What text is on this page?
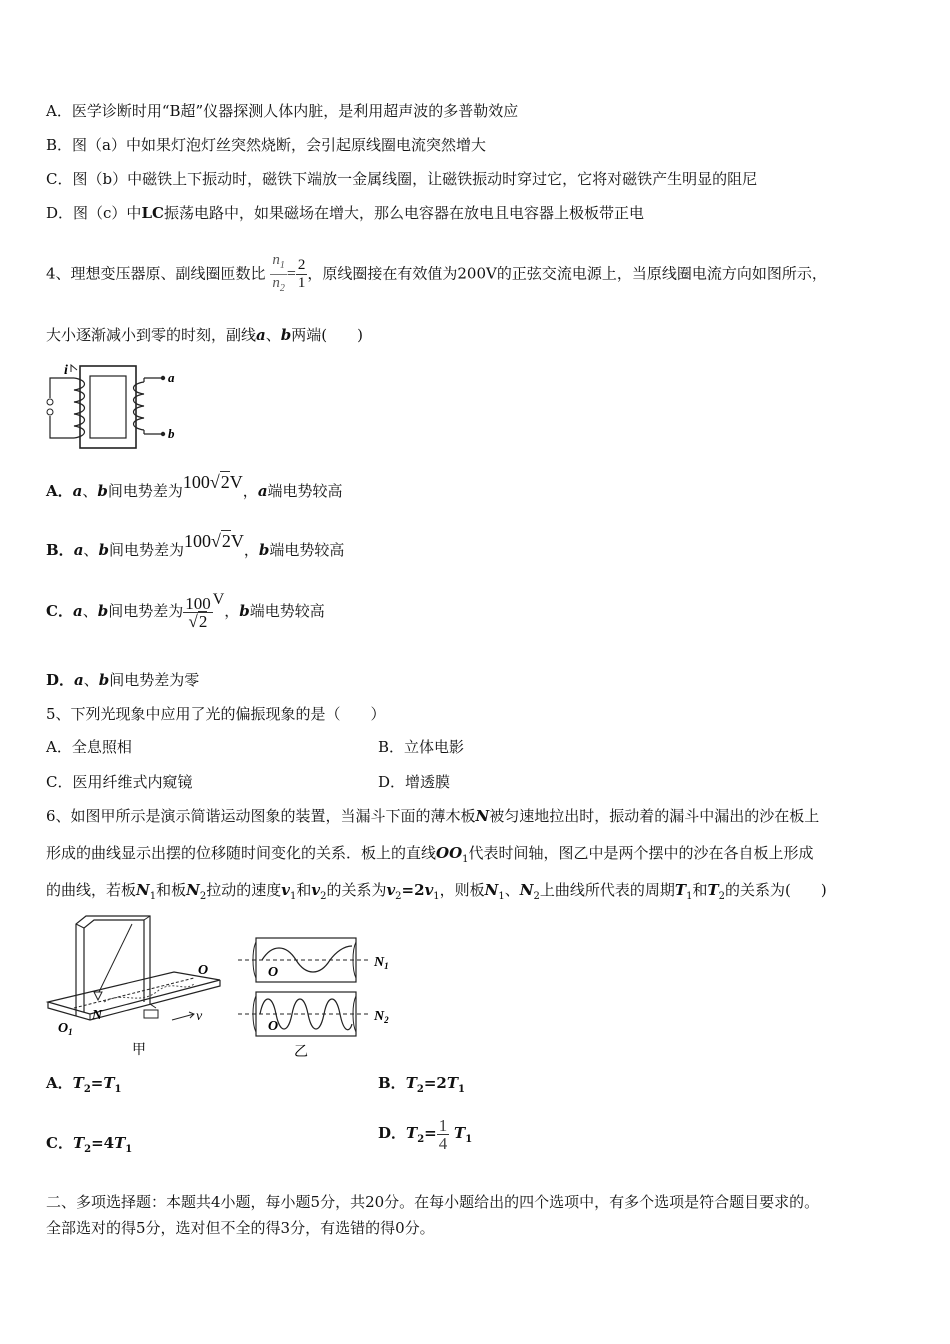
A．医学诊断时用“B超”仪器探测人体内脏，是利用超声波的多普勒效应
B．图（a）中如果灯泡灯丝突然烧断，会引起原线圈电流突然增大
C．图（b）中磁铁上下振动时，磁铁下端放一金属线圈，让磁铁振动时穿过它，它将对磁铁产生明显的阻尼
D．图（c）中LC振荡电路中，如果磁场在增大，那么电容器在放电且电容器上极板带正电
4、理想变压器原、副线圈匝数比 $\frac{n_1}{n_2} = \frac{2}{1}$ ，原线圈接在有效值为200V的正弦交流电源上，当原线圈电流方向如图所示，
大小逐渐减小到零的时刻，副线a、b两端(　　)
i	a
b
A．a、b间电势差为100√2V，a端电势较高
B．a、b间电势差为100√2V，b端电势较高
C．a、b间电势差为 $\frac{100}{√2}$ V，b端电势较高
D．a、b间电势差为零
5、下列光现象中应用了光的偏振现象的是（　　）
A．全息照相	B．立体电影
C．医用纤维式内窥镜	D．增透膜
6、如图甲所示是演示简谐运动图象的装置，当漏斗下面的薄木板N被匀速地拉出时，振动着的漏斗中漏出的沙在板上
形成的曲线显示出摆的位移随时间变化的关系．板上的直线$OO_1$代表时间轴，图乙中是两个摆中的沙在各自板上形成
的曲线，若板$N_1$和板$N_2$拉动的速度$v_1$和$v_2$的关系为$v_2=2v_1$，则板$N_1$、$N_2$上曲线所代表的周期$T_1$和$T_2$的关系为(　　)
O
$O_1$
N	v
甲
O
$N_1$
O
$N_2$
乙
A．$T_2=T_1$	B．$T_2=2T_1$
C．$T_2=4T_1$
D．$T_2= \frac{1}{4} T_1$
二、多项选择题：本题共4小题，每小题5分，共20分。在每小题给出的四个选项中，有多个选项是符合题目要求的。
全部选对的得5分，选对但不全的得3分，有选错的得0分。
